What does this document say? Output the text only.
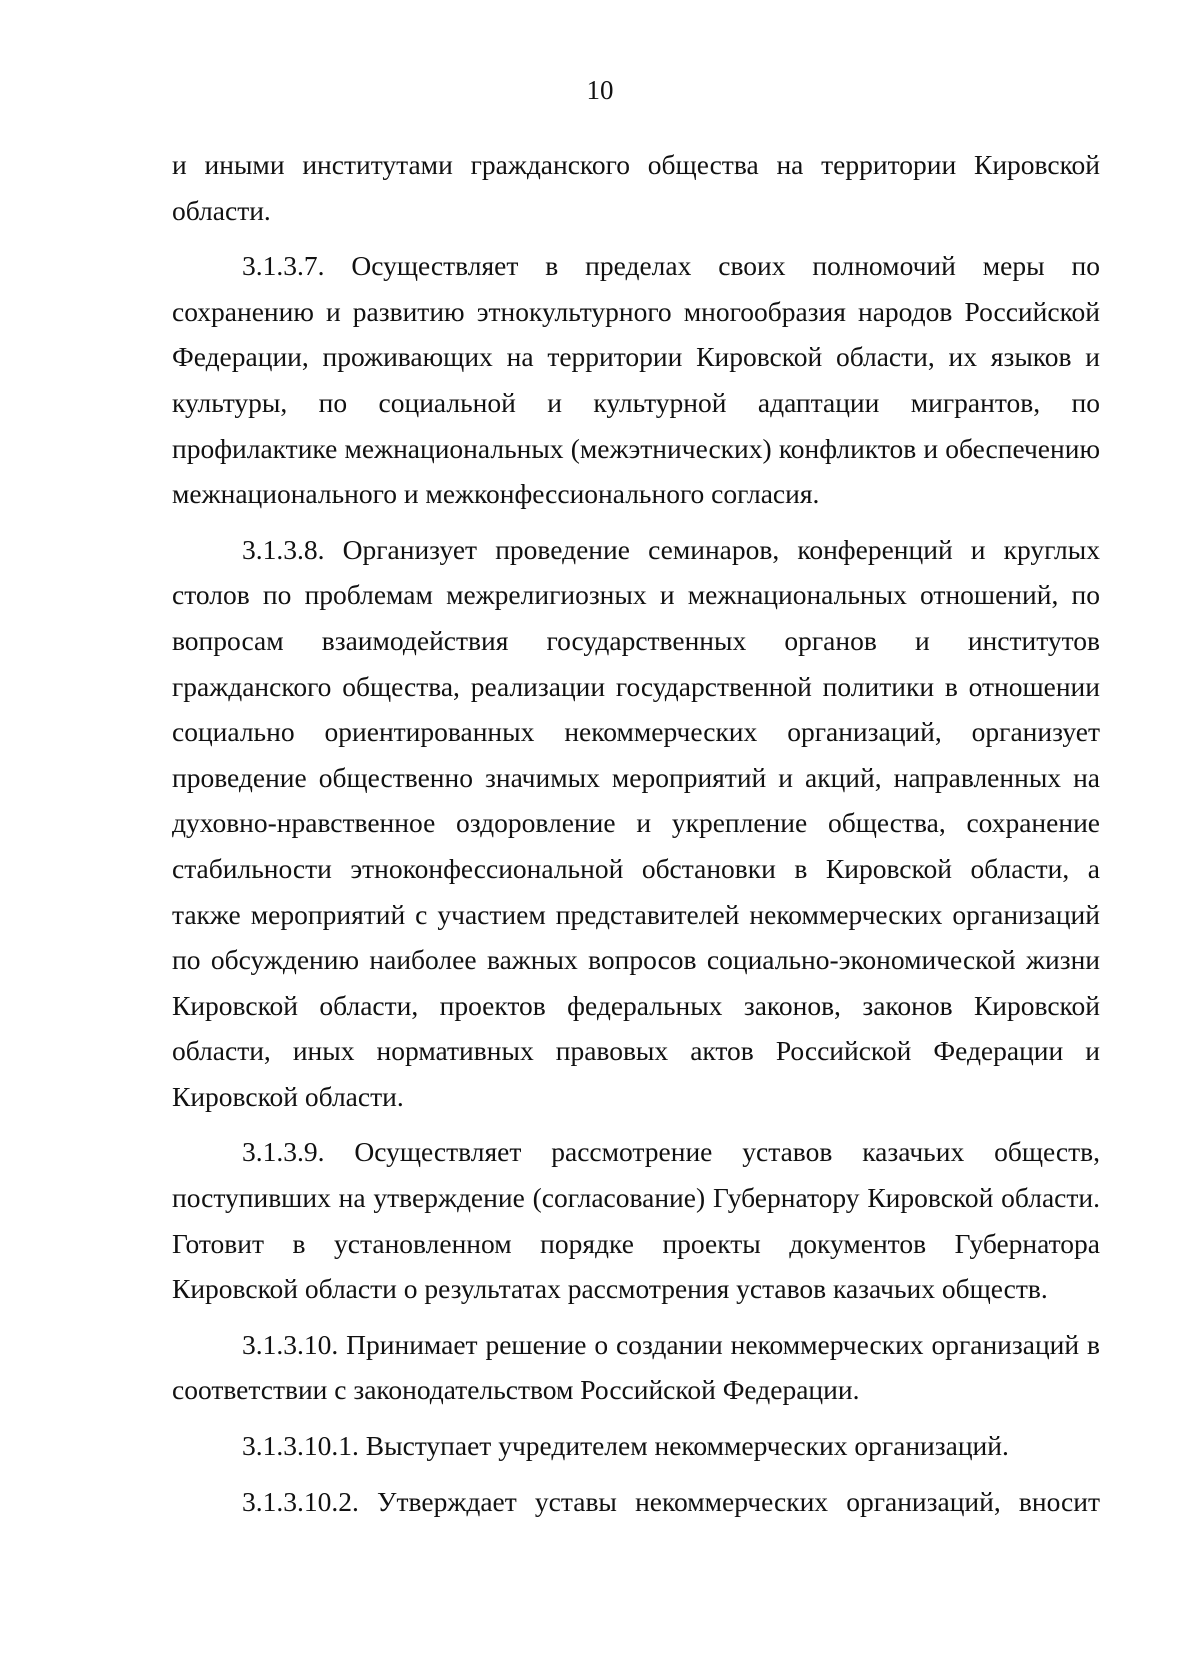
10

и иными институтами гражданского общества на территории Кировской области.

3.1.3.7. Осуществляет в пределах своих полномочий меры по сохранению и развитию этнокультурного многообразия народов Российской Федерации, проживающих на территории Кировской области, их языков и культуры, по социальной и культурной адаптации мигрантов, по профилактике межнациональных (межэтнических) конфликтов и обеспечению межнационального и межконфессионального согласия.

3.1.3.8. Организует проведение семинаров, конференций и круглых столов по проблемам межрелигиозных и межнациональных отношений, по вопросам взаимодействия государственных органов и институтов гражданского общества, реализации государственной политики в отношении социально ориентированных некоммерческих организаций, организует проведение общественно значимых мероприятий и акций, направленных на духовно-нравственное оздоровление и укрепление общества, сохранение стабильности этноконфессиональной обстановки в Кировской области, а также мероприятий с участием представителей некоммерческих организаций по обсуждению наиболее важных вопросов социально-экономической жизни Кировской области, проектов федеральных законов, законов Кировской области, иных нормативных правовых актов Российской Федерации и Кировской области.

3.1.3.9. Осуществляет рассмотрение уставов казачьих обществ, поступивших на утверждение (согласование) Губернатору Кировской области. Готовит в установленном порядке проекты документов Губернатора Кировской области о результатах рассмотрения уставов казачьих обществ.

3.1.3.10. Принимает решение о создании некоммерческих организаций в соответствии с законодательством Российской Федерации.

3.1.3.10.1. Выступает учредителем некоммерческих организаций.

3.1.3.10.2. Утверждает уставы некоммерческих организаций, вносит
